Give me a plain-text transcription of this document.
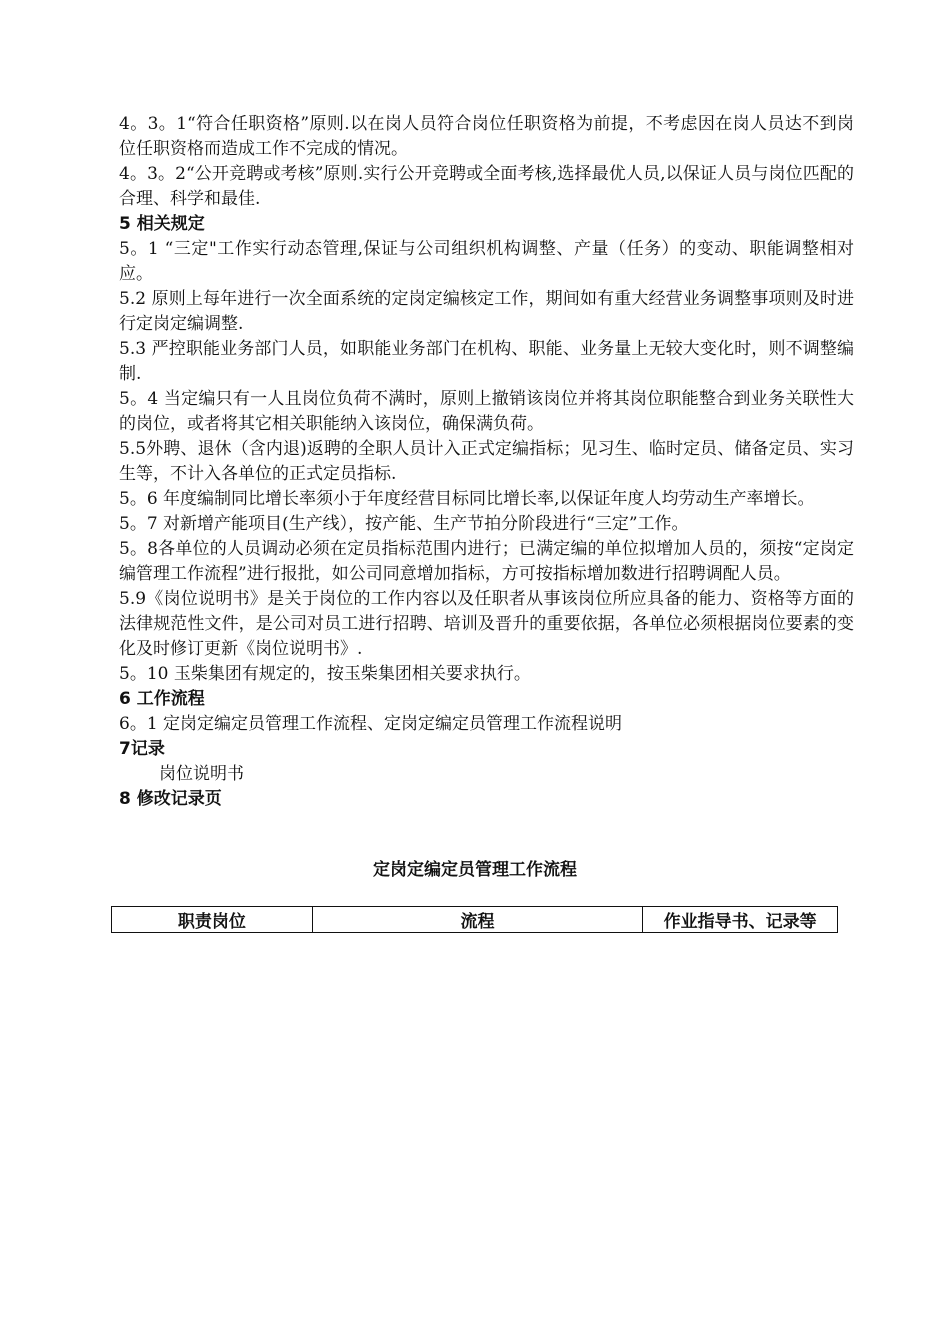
4。3。1“符合任职资格”原则.以在岗人员符合岗位任职资格为前提，不考虑因在岗人员达不到岗位任职资格而造成工作不完成的情况。

4。3。2“公开竞聘或考核”原则.实行公开竞聘或全面考核,选择最优人员,以保证人员与岗位匹配的合理、科学和最佳.

5 相关规定

5。1 “三定"工作实行动态管理,保证与公司组织机构调整、产量（任务）的变动、职能调整相对应。

5.2 原则上每年进行一次全面系统的定岗定编核定工作，期间如有重大经营业务调整事项则及时进行定岗定编调整.

5.3 严控职能业务部门人员，如职能业务部门在机构、职能、业务量上无较大变化时，则不调整编制.

5。4 当定编只有一人且岗位负荷不满时，原则上撤销该岗位并将其岗位职能整合到业务关联性大的岗位，或者将其它相关职能纳入该岗位，确保满负荷。

5.5外聘、退休（含内退)返聘的全职人员计入正式定编指标；见习生、临时定员、储备定员、实习生等，不计入各单位的正式定员指标.

5。6 年度编制同比增长率须小于年度经营目标同比增长率,以保证年度人均劳动生产率增长。

5。7 对新增产能项目(生产线），按产能、生产节拍分阶段进行“三定”工作。

5。8各单位的人员调动必须在定员指标范围内进行；已满定编的单位拟增加人员的，须按“定岗定编管理工作流程”进行报批，如公司同意增加指标，方可按指标增加数进行招聘调配人员。

5.9《岗位说明书》是关于岗位的工作内容以及任职者从事该岗位所应具备的能力、资格等方面的法律规范性文件，是公司对员工进行招聘、培训及晋升的重要依据，各单位必须根据岗位要素的变化及时修订更新《岗位说明书》.

5。10 玉柴集团有规定的，按玉柴集团相关要求执行。

6 工作流程

6。1 定岗定编定员管理工作流程、定岗定编定员管理工作流程说明

7记录

岗位说明书

8 修改记录页

定岗定编定员管理工作流程
职责岗位	流程	作业指导书、记录等
